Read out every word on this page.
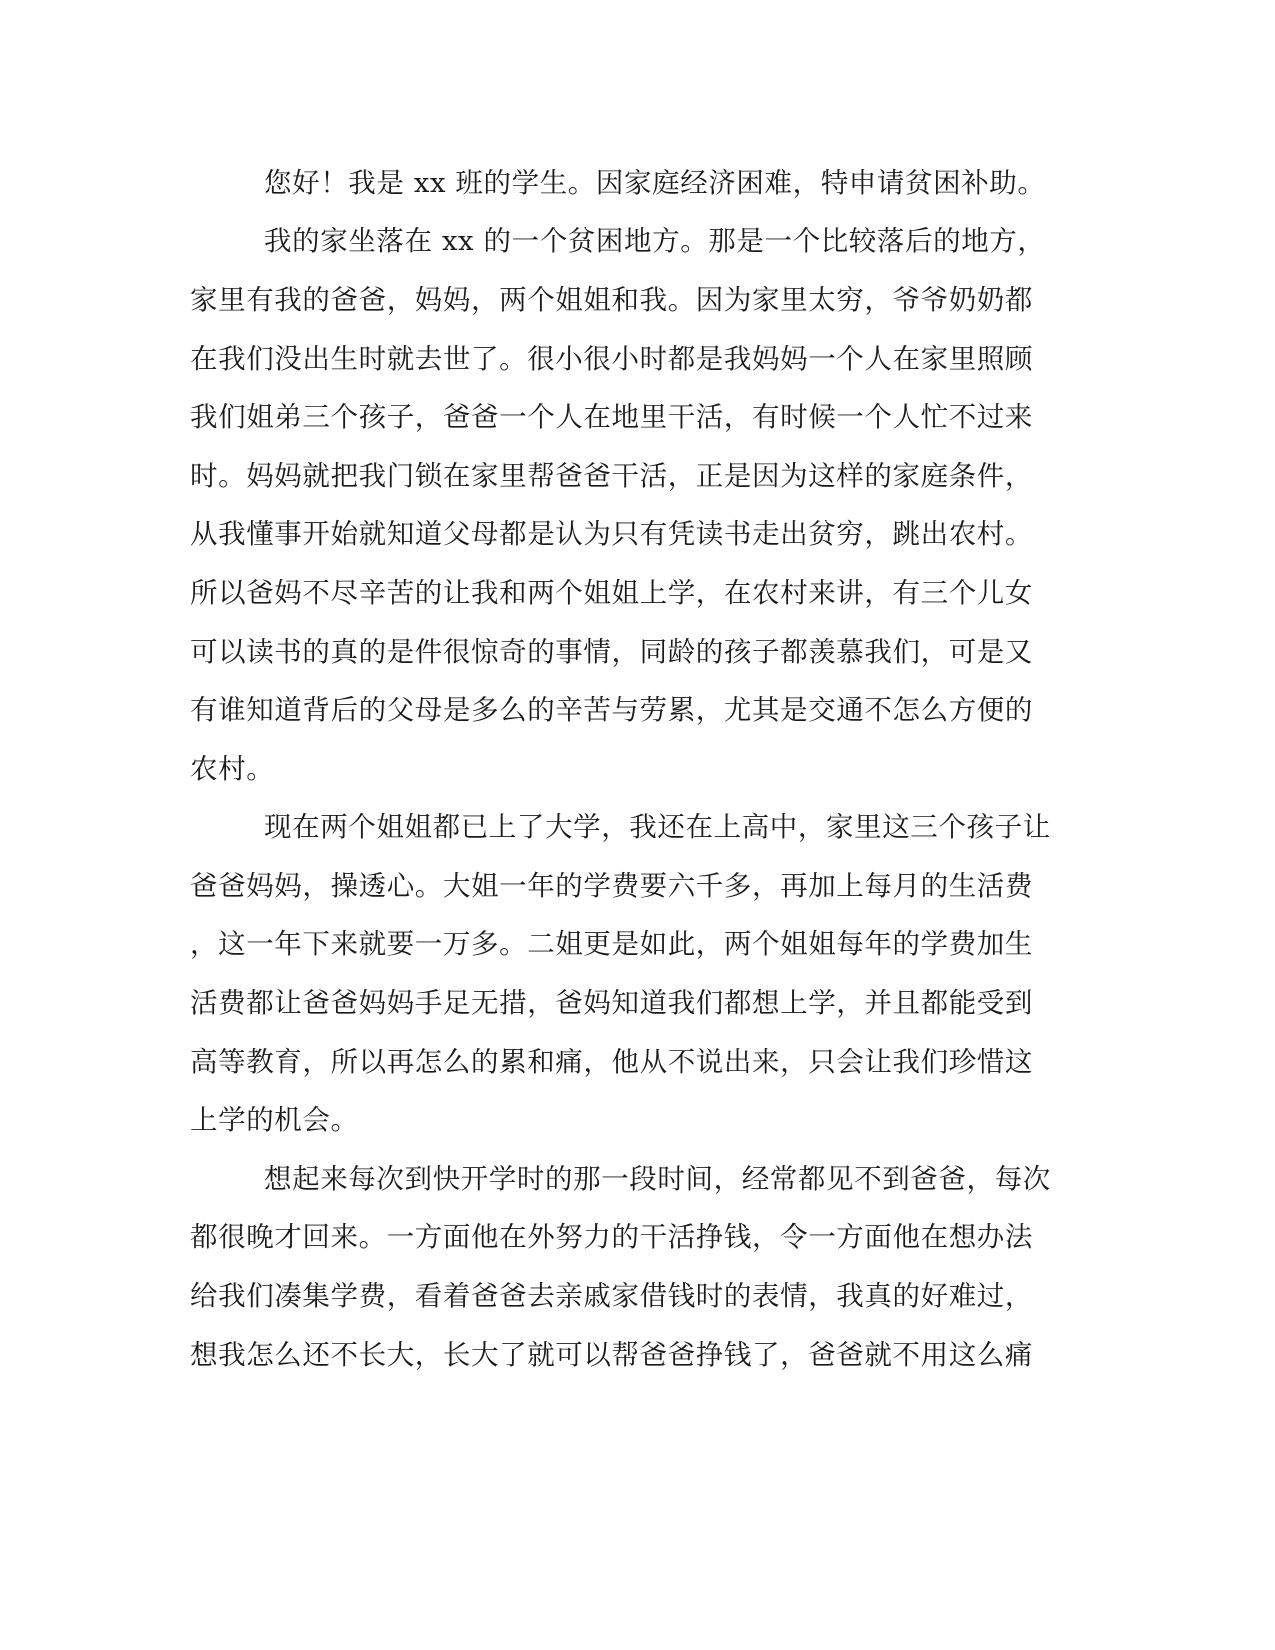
您好！我是 xx 班的学生。因家庭经济困难，特申请贫困补助。
我的家坐落在 xx 的一个贫困地方。那是一个比较落后的地方，
家里有我的爸爸，妈妈，两个姐姐和我。因为家里太穷，爷爷奶奶都
在我们没出生时就去世了。很小很小时都是我妈妈一个人在家里照顾
我们姐弟三个孩子，爸爸一个人在地里干活，有时候一个人忙不过来
时。妈妈就把我门锁在家里帮爸爸干活，正是因为这样的家庭条件，
从我懂事开始就知道父母都是认为只有凭读书走出贫穷，跳出农村。
所以爸妈不尽辛苦的让我和两个姐姐上学，在农村来讲，有三个儿女
可以读书的真的是件很惊奇的事情，同龄的孩子都羡慕我们，可是又
有谁知道背后的父母是多么的辛苦与劳累，尤其是交通不怎么方便的
农村。
现在两个姐姐都已上了大学，我还在上高中，家里这三个孩子让
爸爸妈妈，操透心。大姐一年的学费要六千多，再加上每月的生活费
，这一年下来就要一万多。二姐更是如此，两个姐姐每年的学费加生
活费都让爸爸妈妈手足无措，爸妈知道我们都想上学，并且都能受到
高等教育，所以再怎么的累和痛，他从不说出来，只会让我们珍惜这
上学的机会。
想起来每次到快开学时的那一段时间，经常都见不到爸爸，每次
都很晚才回来。一方面他在外努力的干活挣钱，令一方面他在想办法
给我们凑集学费，看着爸爸去亲戚家借钱时的表情，我真的好难过，
想我怎么还不长大，长大了就可以帮爸爸挣钱了，爸爸就不用这么痛
